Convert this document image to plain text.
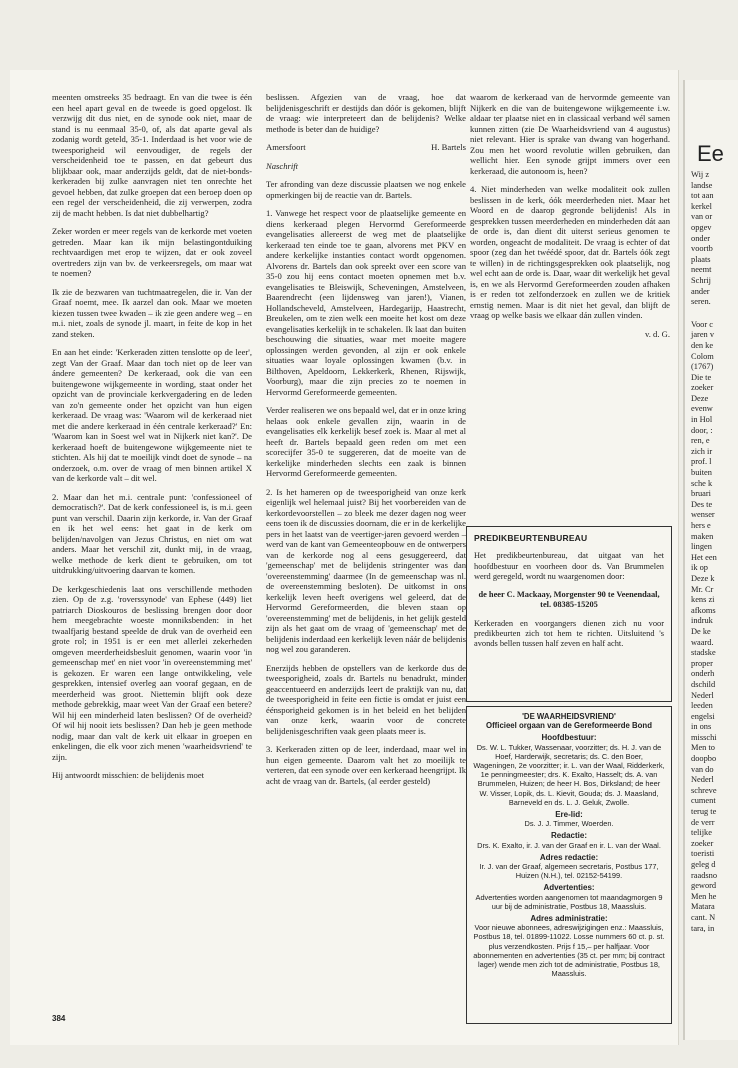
meenten omstreeks 35 bedraagt. En van die twee is één een heel apart geval en de tweede is goed opgelost. Ik verzwijg dit dus niet, en de synode ook niet, maar de stand is nu eenmaal 35-0, of, als dat aparte geval als zodanig wordt geteld, 35-1. Inderdaad is het voor wie de tweesporigheid wil eenvoudiger, de regels der verscheidenheid toe te passen, en dat gebeurt dus blijkbaar ook, maar anderzijds geldt, dat de niet-bonds-kerkeraden bij zulke aanvragen niet ten onrechte het gevoel hebben, dat zulke groepen dat een beroep doen op een regel der verscheidenheid, die zij verwerpen, zodra zij de macht hebben. Is dat niet dubbelhartig?

Zeker worden er meer regels van de kerkorde met voeten getreden. Maar kan ik mijn belastingontduiking rechtvaardigen met erop te wijzen, dat er ook zoveel overtreders zijn van bv. de verkeersregels, om maar wat te noemen?

Ik zie de bezwaren van tuchtmaatregelen, die ir. Van der Graaf noemt, mee. Ik aarzel dan ook. Maar we moeten kiezen tussen twee kwaden – ik zie geen andere weg – en m.i. niet, zoals de synode jl. maart, in feite de kop in het zand steken.

En aan het einde: 'Kerkeraden zitten tenslotte op de leer', zegt Van der Graaf. Maar dan toch niet op de leer van ándere gemeenten? De kerkeraad, ook die van een buitengewone wijkgemeente in wording, staat onder het opzicht van de provinciale kerkvergadering en de leden van zo'n gemeente onder het opzicht van hun eigen kerkeraad. De vraag was: 'Waarom wil de kerkeraad niet met die andere kerkeraad in één centrale kerkeraad?' En: 'Waarom kan in Soest wel wat in Nijkerk niet kan?'. De kerkeraad hoeft de buitengewone wijkgemeente niet te stichten. Als hij dat te moeilijk vindt doet de synode – na onderzoek, o.m. over de vraag of men binnen artikel X van de kerkorde valt – dit wel.

2. Maar dan het m.i. centrale punt: 'confessioneel of democratisch?'. Dat de kerk confessioneel is, is m.i. geen punt van verschil. Daarin zijn kerkorde, ir. Van der Graaf en ik het wel eens: het gaat in de kerk om belijden/navolgen van Jezus Christus, en niet om wat anders. Maar het verschil zit, dunkt mij, in de vraag, welke methode de kerk dient te gebruiken, om tot uitdrukking/uitvoering daarvan te komen.

De kerkgeschiedenis laat ons verschillende methoden zien. Op de z.g. 'roverssynode' van Ephese (449) liet patriarch Dioskouros de beslissing brengen door door hem meegebrachte woeste monniksbenden: in het twaalfjarig bestand speelde de druk van de overheid een grote rol; in 1951 is er een met allerlei zekerheden omgeven meerderheidsbesluit genomen, waarin voor 'in gemeenschap met' en niet voor 'in overeenstemming met' is gekozen. Er waren een lange ontwikkeling, vele gesprekken, intensief overleg aan vooraf gegaan, en de meerderheid was groot. Niettemin blijft ook deze methode gebrekkig, maar weet Van der Graaf een betere? Wil hij een minderheid laten beslissen? Of de overheid? Of wil hij nooit iets beslissen? Dan heb je geen methode nodig, maar dan valt de kerk uit elkaar in groepen en enkelingen, die elk voor zich menen 'waarheidsvriend' te zijn.

Hij antwoordt misschien: de belijdenis moet

beslissen. Afgezien van de vraag, hoe dat belijdenisgeschrift er destijds dan dóór is gekomen, blijft de vraag: wie interpreteert dan de belijdenis? Welke methode is beter dan de huidige?

Amersfoort	H. Bartels

Naschrift

Ter afronding van deze discussie plaatsen we nog enkele opmerkingen bij de reactie van dr. Bartels.

1. Vanwege het respect voor de plaatselijke gemeente en diens kerkeraad plegen Hervormd Gereformeerde evangelisaties allereerst de weg met de plaatselijke kerkeraad ten einde toe te gaan, alvorens met PKV en andere kerkelijke instanties contact wordt opgenomen. Alvorens dr. Bartels dan ook spreekt over een score van 35-0 zou hij eens contact moeten opnemen met b.v. evangelisaties te Bleiswijk, Scheveningen, Amstelveen, Baarendrecht (een lijdensweg van jaren!), Vianen, Hollandscheveld, Amstelveen, Hardegarijp, Haastrecht, Breukelen, om te zien welk een moeite het kost om deze evangelisaties kerkelijk in te schakelen. Ik laat dan buiten beschouwing die situaties, waar met moeite magere oplossingen werden gevonden, al zijn er ook enkele situaties waar loyale oplossingen kwamen (b.v. in Bilthoven, Apeldoorn, Lekkerkerk, Rhenen, Rijswijk, Voorburg), maar die zijn precies zo te noemen in Hervormd Gereformeerde gemeenten.

Verder realiseren we ons bepaald wel, dat er in onze kring helaas ook enkele gevallen zijn, waarin in de evangelisaties elk kerkelijk besef zoek is. Maar al met al heeft dr. Bartels bepaald geen reden om met een scorecijfer 35-0 te suggereren, dat de moeite van de kerkelijke minderheden slechts een zaak is binnen Hervormd Gereformeerde gemeenten.

2. Is het hameren op de tweesporigheid van onze kerk eigenlijk wel helemaal juist? Bij het voorbereiden van de kerkordevoorstellen – zo bleek me dezer dagen nog weer eens toen ik de discussies doornam, die er in de kerkelijke pers in het laatst van de veertiger-jaren gevoerd werden – werd van de kant van Gemeenteopbouw en de ontwerpers van de kerkorde nog al eens gesuggereerd, dat 'gemeenschap' met de belijdenis stringenter was dan 'overeenstemming' daarmee (In de gemeenschap was nl. de overeenstemming besloten). De uitkomst in ons kerkelijk leven heeft overigens wel geleerd, dat de Hervormd Gereformeerden, die bleven staan op 'overeenstemming' met de belijdenis, in het gelijk gesteld zijn als het gaat om de vraag of 'gemeenschap' met de belijdenis inderdaad een kerkelijk leven náár de belijdenis nog wel zou garanderen.

Enerzijds hebben de opstellers van de kerkorde dus de tweesporigheid, zoals dr. Bartels nu benadrukt, minder geaccentueerd en anderzijds leert de praktijk van nu, dat de tweesporigheid in feite een fictie is omdat er juist een éénsporigheid gekomen is in het beleid en het belijden van onze kerk, waarin voor de concrete belijdenisgeschriften vaak geen plaats meer is.

3. Kerkeraden zitten op de leer, inderdaad, maar wel in hun eigen gemeente. Daarom valt het zo moeilijk te verteren, dat een synode over een kerkeraad heengrijpt. Ik acht de vraag van dr. Bartels, (al eerder gesteld)

waarom de kerkeraad van de hervormde gemeente van Nijkerk en die van de buitengewone wijkgemeente i.w. aldaar ter plaatse niet en in classicaal verband wél samen kunnen zitten (zie De Waarheidsvriend van 4 augustus) niet relevant. Hier is sprake van dwang van hogerhand. Zou men het woord revolutie willen gebruiken, dan wellicht hier. Een synode grijpt immers over een kerkeraad, die autonoom is, heen?

4. Niet minderheden van welke modaliteit ook zullen beslissen in de kerk, óók meerderheden niet. Maar het Woord en de daarop gegronde belijdenis! Als in gesprekken tussen meerderheden en minderheden dát aan de orde is, dan dient dit uiterst serieus genomen te worden, ongeacht de modaliteit. De vraag is echter of dat spoor (zeg dan het twéédé spoor, dat dr. Bartels óók zegt te willen) in de richtingsgesprekken ook plaatselijk, nog wel echt aan de orde is. Daar, waar dit werkelijk het geval is, en we als Hervormd Gereformeerden zouden afhaken is er reden tot zelfonderzoek en zullen we de kritiek ernstig nemen. Maar is dit niet het geval, dan blijft de vraag op welke basis we elkaar dán zullen vinden.

v. d. G.

PREDIKBEURTENBUREAU

Het predikbeurtenbureau, dat uitgaat van het hoofdbestuur en voorheen door ds. Van Brummelen werd geregeld, wordt nu waargenomen door:

de heer C. Mackaay, Morgenster 90 te Veenendaal, tel. 08385-15205

Kerkeraden en voorgangers dienen zich nu voor predikbeurten zich tot hem te richten. Uitsluitend 's avonds bellen tussen half zeven en half acht.

'DE WAARHEIDSVRIEND'

Officieel orgaan van de Gereformeerde Bond

Hoofdbestuur:

Ds. W. L. Tukker, Wassenaar, voorzitter; ds. H. J. van de Hoef, Harderwijk, secretaris; ds. C. den Boer, Wageningen, 2e voorzitter; ir. L. van der Waal, Ridderkerk, 1e penningmeester; drs. K. Exalto, Hasselt; ds. A. van Brummelen, Huizen; de heer H. Bos, Dirksland; de heer W. Visser, Lopik, ds. L. Kievit, Gouda; ds. J. Maasland, Barneveld en ds. L. J. Geluk, Zwolle.

Ere-lid:

Ds. J. J. Timmer, Woerden.

Redactie:

Drs. K. Exalto, ir. J. van der Graaf en ir. L. van der Waal.

Adres redactie:

Ir. J. van der Graaf, algemeen secretaris, Postbus 177, Huizen (N.H.), tel. 02152-54199.

Advertenties:

Advertenties worden aangenomen tot maandagmorgen 9 uur bij de administratie, Postbus 18, Maassluis.

Adres administratie:

Voor nieuwe abonnees, adreswijzigingen enz.: Maassluis, Postbus 18, tel. 01899-11022. Losse nummers 60 ct. p. st. plus verzendkosten. Prijs f 15,– per halfjaar. Voor abonnementen en advertenties (35 ct. per mm; bij contract lager) wende men zich tot de administratie, Postbus 18, Maassluis.

384
Ee
Wij z
landse
tot aan
kerkel
van or
opgev
onder
voortb
plaats
neemt
Schrij
ander
seren.
Voor c
jaren v
den ke
Colom
(1767)
Die te
zoeker
Deze
evenw
in Hol
door, :
ren, e
zich ir
prof. l
buiten
sche k
bruari
Des te
wenser
hers e
maken
lingen
Het een
ik op
Deze k
Mr. Cr
kens zi
afkoms
indruk
De ke
waard.
stadske
proper
onderh
dschild
Nederl
leeden
engelsi
in ons
misschi
Men to
doopbo
van do
Nederl
schreve
cument
terug te
de verr
telijke
zoeker
toeristi
geleg d
raadsno
geword
Men he
Matara
cant. N
tara, in
